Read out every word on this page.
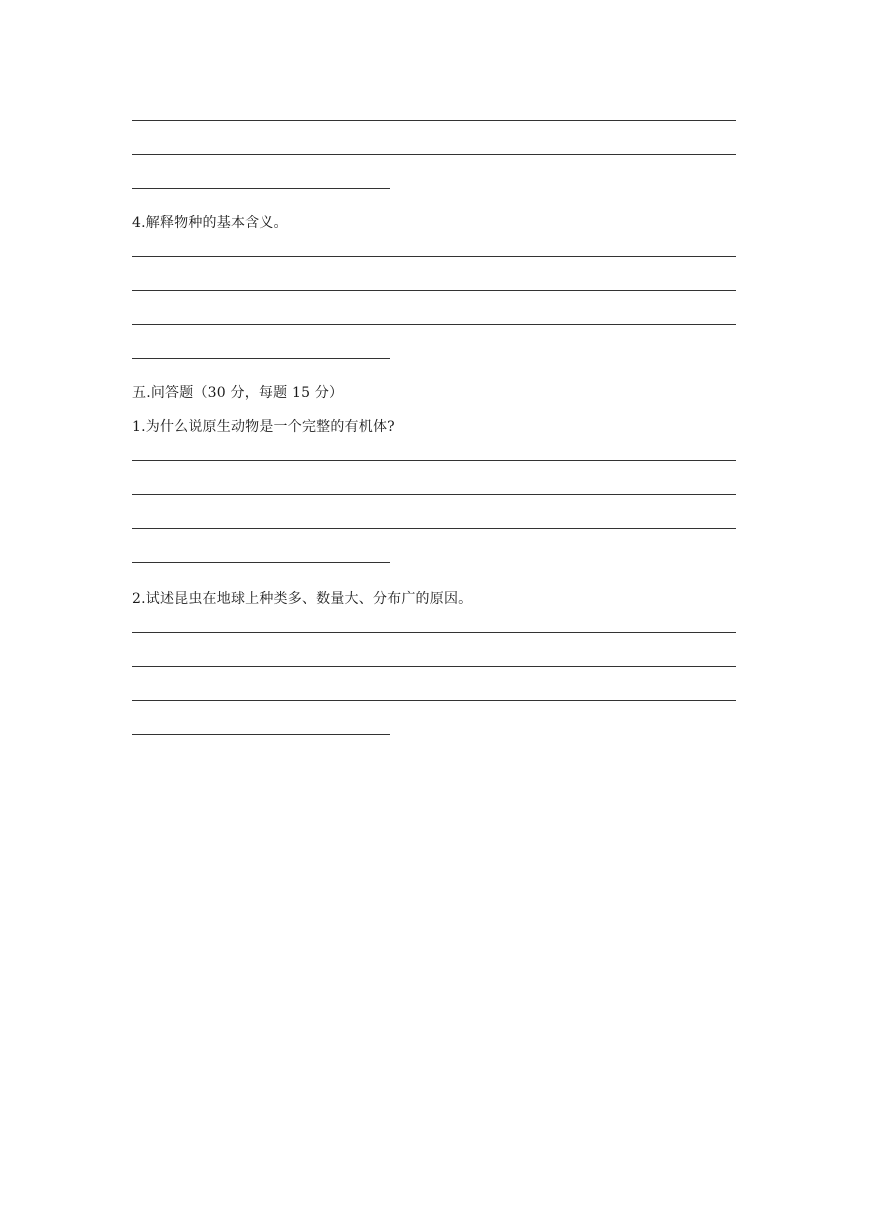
4.解释物种的基本含义。
五.问答题（30 分，每题 15 分）
1.为什么说原生动物是一个完整的有机体?
2.试述昆虫在地球上种类多、数量大、分布广的原因。
